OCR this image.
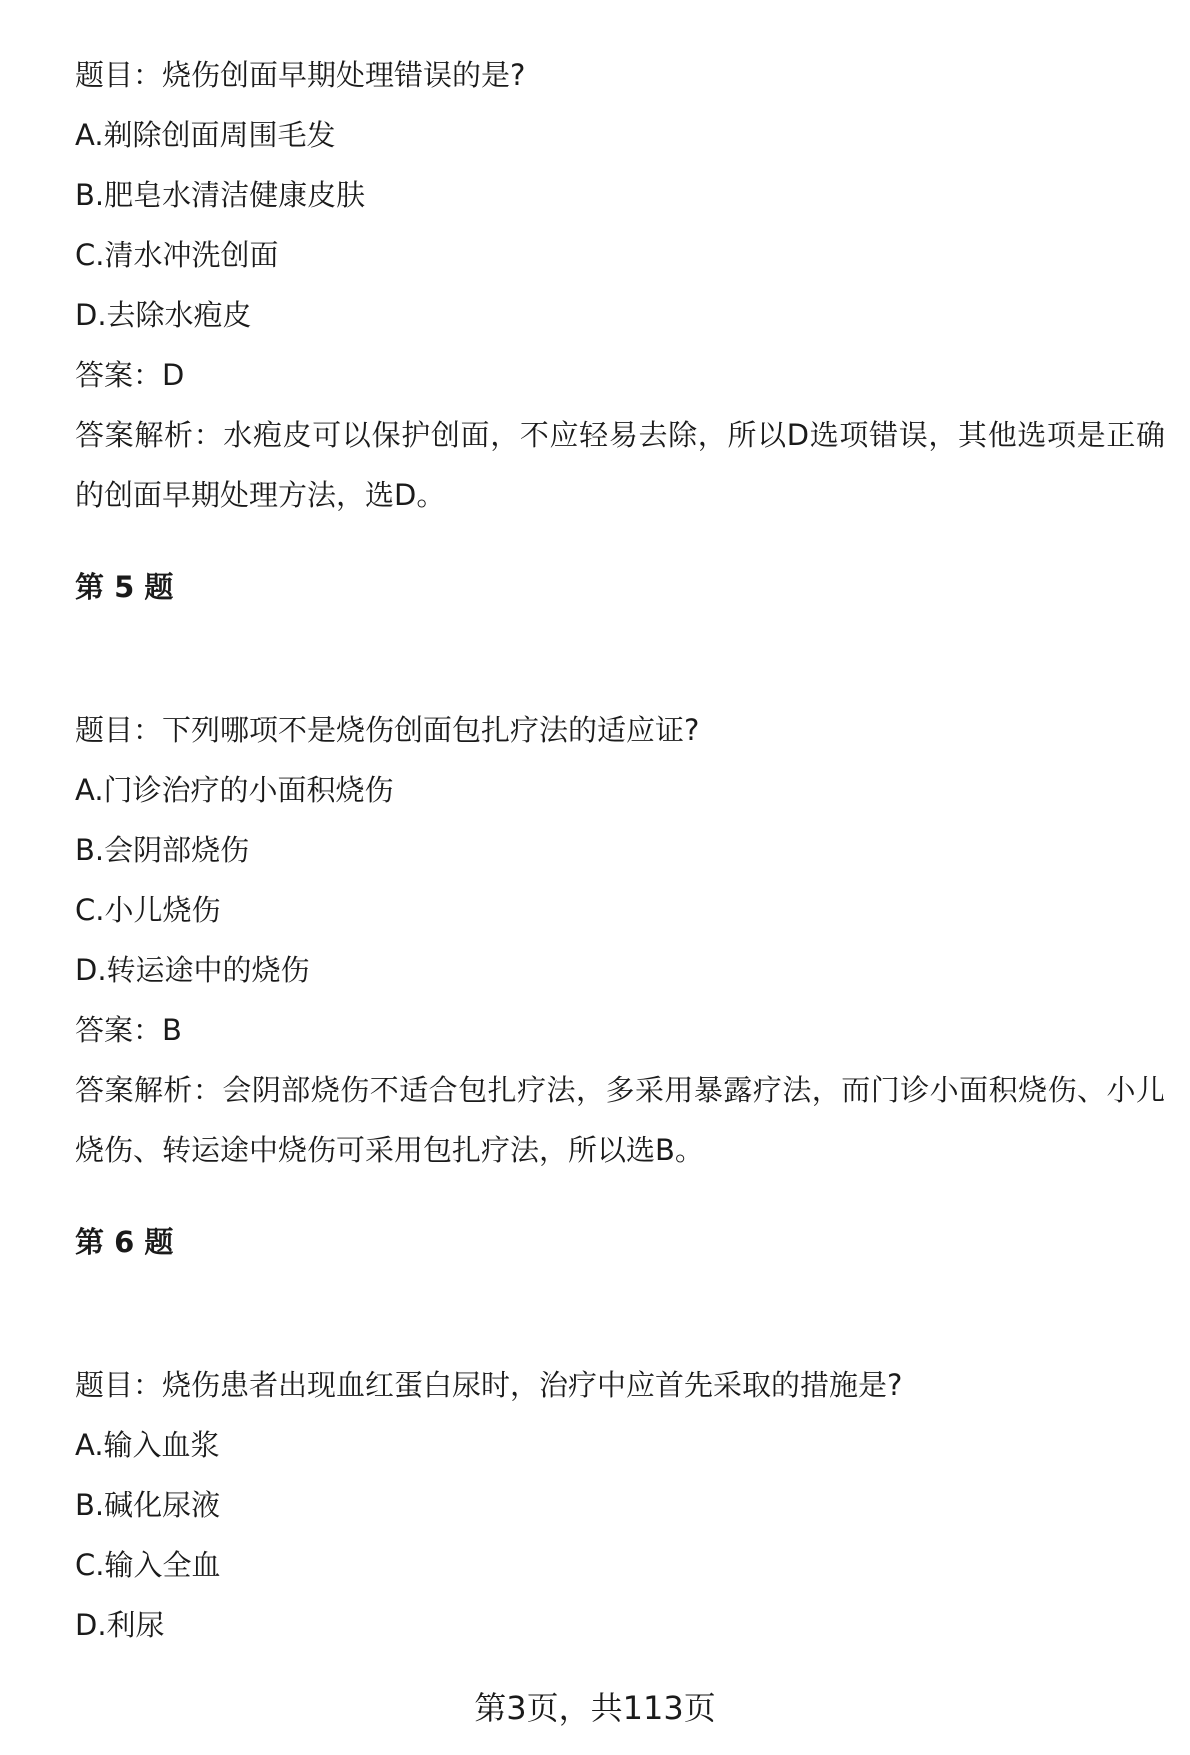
题目：烧伤创面早期处理错误的是?
A.剃除创面周围毛发
B.肥皂水清洁健康皮肤
C.清水冲洗创面
D.去除水疱皮
答案：D
答案解析：水疱皮可以保护创面，不应轻易去除，所以D选项错误，其他选项是正确的创面早期处理方法，选D。
第 5 题
题目：下列哪项不是烧伤创面包扎疗法的适应证?
A.门诊治疗的小面积烧伤
B.会阴部烧伤
C.小儿烧伤
D.转运途中的烧伤
答案：B
答案解析：会阴部烧伤不适合包扎疗法，多采用暴露疗法，而门诊小面积烧伤、小儿烧伤、转运途中烧伤可采用包扎疗法，所以选B。
第 6 题
题目：烧伤患者出现血红蛋白尿时，治疗中应首先采取的措施是?
A.输入血浆
B.碱化尿液
C.输入全血
D.利尿
第3页，共113页
